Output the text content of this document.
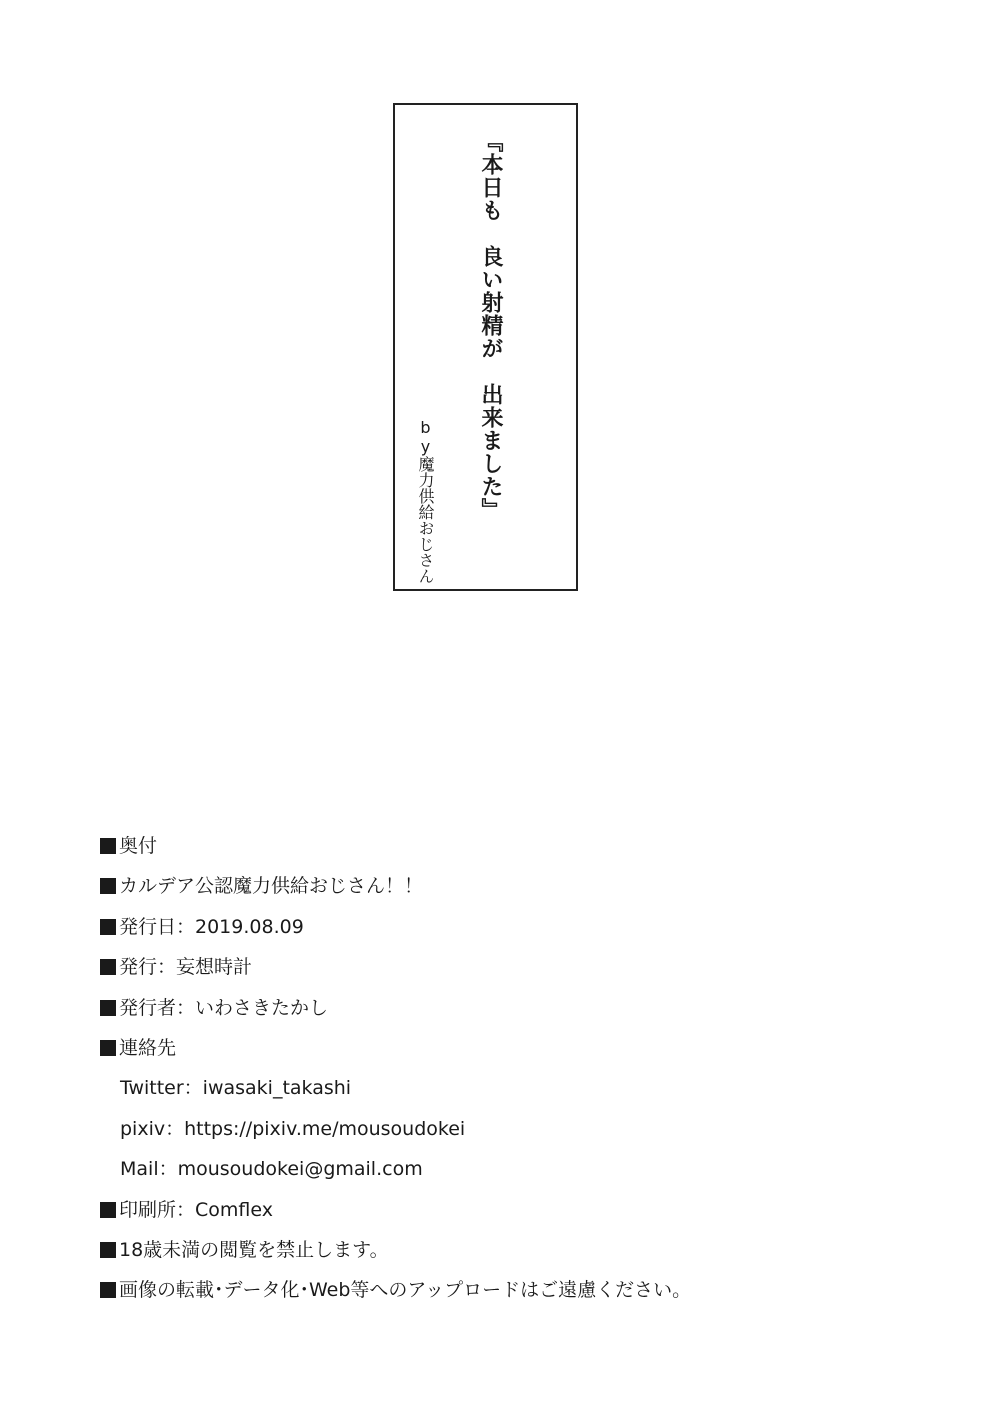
『本日も　良い射精が　出来ました』
by魔力供給おじさん
奥付
カルデア公認魔力供給おじさん！！
発行日：2019.08.09
発行：妄想時計
発行者：いわさきたかし
連絡先
Twitter：iwasaki_takashi
pixiv：https://pixiv.me/mousoudokei
Mail：mousoudokei@gmail.com
印刷所：Comflex
18歳未満の閲覧を禁止します。
画像の転載･データ化･Web等へのアップロードはご遠慮ください。
